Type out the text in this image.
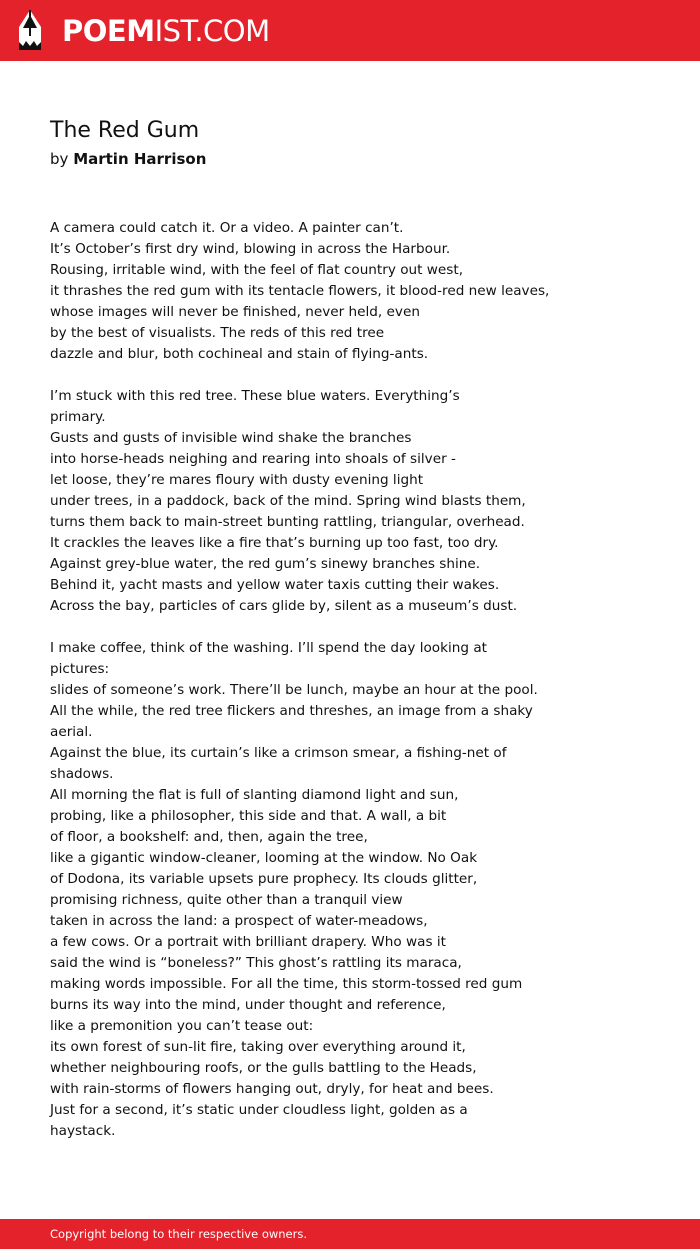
POEMIST.COM
The Red Gum
by Martin Harrison
A camera could catch it. Or a video. A painter can’t.
It’s October’s first dry wind, blowing in across the Harbour.
Rousing, irritable wind, with the feel of flat country out west,
it thrashes the red gum with its tentacle flowers, it blood-red new leaves,
whose images will never be finished, never held, even
by the best of visualists. The reds of this red tree
dazzle and blur, both cochineal and stain of flying-ants.
I’m stuck with this red tree. These blue waters. Everything’s
primary.
Gusts and gusts of invisible wind shake the branches
into horse-heads neighing and rearing into shoals of silver -
let loose, they’re mares floury with dusty evening light
under trees, in a paddock, back of the mind. Spring wind blasts them,
turns them back to main-street bunting rattling, triangular, overhead.
It crackles the leaves like a fire that’s burning up too fast, too dry.
Against grey-blue water, the red gum’s sinewy branches shine.
Behind it, yacht masts and yellow water taxis cutting their wakes.
Across the bay, particles of cars glide by, silent as a museum’s dust.
I make coffee, think of the washing. I’ll spend the day looking at
pictures:
slides of someone’s work. There’ll be lunch, maybe an hour at the pool.
All the while, the red tree flickers and threshes, an image from a shaky
aerial.
Against the blue, its curtain’s like a crimson smear, a fishing-net of
shadows.
All morning the flat is full of slanting diamond light and sun,
probing, like a philosopher, this side and that. A wall, a bit
of floor, a bookshelf: and, then, again the tree,
like a gigantic window-cleaner, looming at the window. No Oak
of Dodona, its variable upsets pure prophecy. Its clouds glitter,
promising richness, quite other than a tranquil view
taken in across the land: a prospect of water-meadows,
a few cows. Or a portrait with brilliant drapery. Who was it
said the wind is “boneless?” This ghost’s rattling its maraca,
making words impossible. For all the time, this storm-tossed red gum
burns its way into the mind, under thought and reference,
like a premonition you can’t tease out:
its own forest of sun-lit fire, taking over everything around it,
whether neighbouring roofs, or the gulls battling to the Heads,
with rain-storms of flowers hanging out, dryly, for heat and bees.
Just for a second, it’s static under cloudless light, golden as a
haystack.
Copyright belong to their respective owners.
